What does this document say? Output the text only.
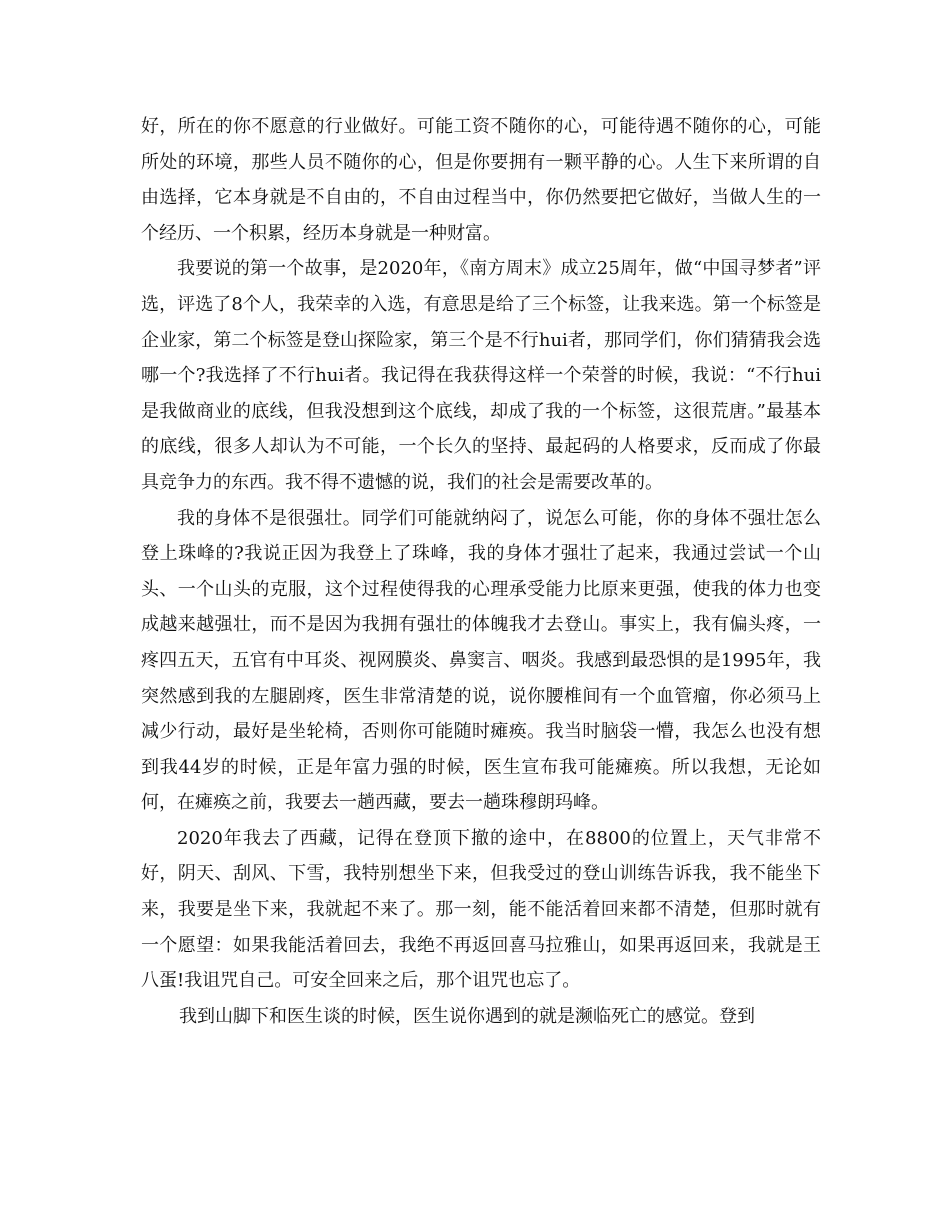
好，所在的你不愿意的行业做好。可能工资不随你的心，可能待遇不随你的心，可能所处的环境，那些人员不随你的心，但是你要拥有一颗平静的心。人生下来所谓的自由选择，它本身就是不自由的，不自由过程当中，你仍然要把它做好，当做人生的一个经历、一个积累，经历本身就是一种财富。

我要说的第一个故事，是2020年，《南方周末》成立25周年，做“中国寻梦者”评选，评选了8个人，我荣幸的入选，有意思是给了三个标签，让我来选。第一个标签是企业家，第二个标签是登山探险家，第三个是不行hui者，那同学们，你们猜猜我会选哪一个?我选择了不行hui者。我记得在我获得这样一个荣誉的时候，我说：“不行hui是我做商业的底线，但我没想到这个底线，却成了我的一个标签，这很荒唐。”最基本的底线，很多人却认为不可能，一个长久的坚持、最起码的人格要求，反而成了你最具竞争力的东西。我不得不遗憾的说，我们的社会是需要改革的。

我的身体不是很强壮。同学们可能就纳闷了，说怎么可能，你的身体不强壮怎么登上珠峰的?我说正因为我登上了珠峰，我的身体才强壮了起来，我通过尝试一个山头、一个山头的克服，这个过程使得我的心理承受能力比原来更强，使我的体力也变成越来越强壮，而不是因为我拥有强壮的体魄我才去登山。事实上，我有偏头疼，一疼四五天，五官有中耳炎、视网膜炎、鼻窦言、咽炎。我感到最恐惧的是1995年，我突然感到我的左腿剧疼，医生非常清楚的说，说你腰椎间有一个血管瘤，你必须马上减少行动，最好是坐轮椅，否则你可能随时瘫痪。我当时脑袋一懵，我怎么也没有想到我44岁的时候，正是年富力强的时候，医生宣布我可能瘫痪。所以我想，无论如何，在瘫痪之前，我要去一趟西藏，要去一趟珠穆朗玛峰。

2020年我去了西藏，记得在登顶下撤的途中，在8800的位置上，天气非常不好，阴天、刮风、下雪，我特别想坐下来，但我受过的登山训练告诉我，我不能坐下来，我要是坐下来，我就起不来了。那一刻，能不能活着回来都不清楚，但那时就有一个愿望：如果我能活着回去，我绝不再返回喜马拉雅山，如果再返回来，我就是王八蛋!我诅咒自己。可安全回来之后，那个诅咒也忘了。

我到山脚下和医生谈的时候，医生说你遇到的就是濒临死亡的感觉。登到
